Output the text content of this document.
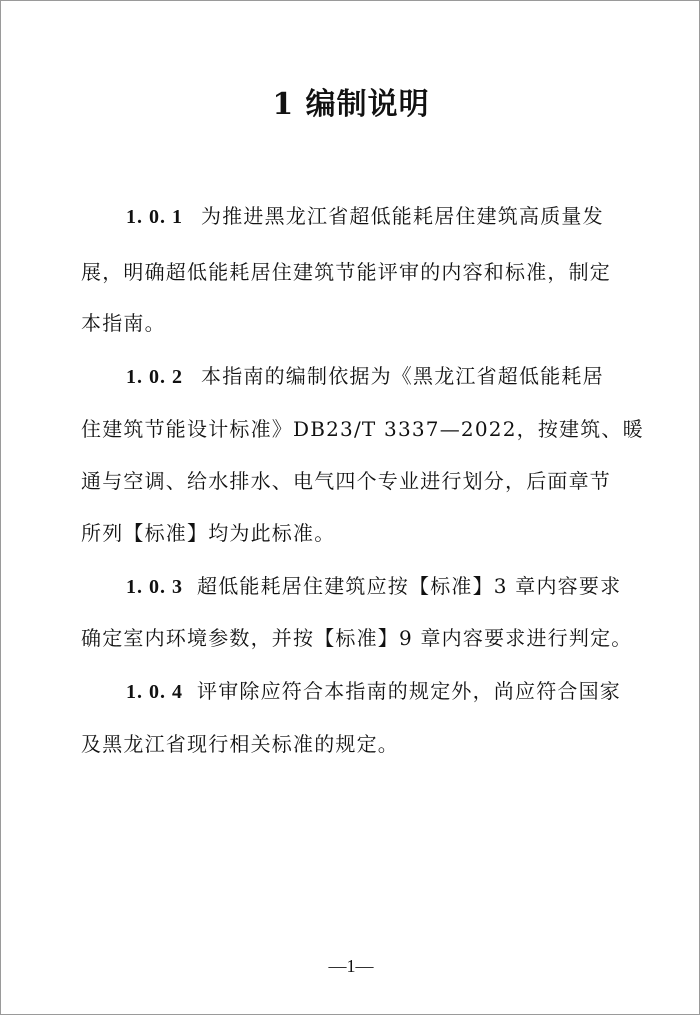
1 编制说明
1. 0. 1 为推进黑龙江省超低能耗居住建筑高质量发
展，明确超低能耗居住建筑节能评审的内容和标准，制定
本指南。
1. 0. 2 本指南的编制依据为《黑龙江省超低能耗居
住建筑节能设计标准》DB23/T 3337—2022，按建筑、暖
通与空调、给水排水、电气四个专业进行划分，后面章节
所列【标准】均为此标准。
1. 0. 3 超低能耗居住建筑应按【标准】3 章内容要求
确定室内环境参数，并按【标准】9 章内容要求进行判定。
1. 0. 4 评审除应符合本指南的规定外，尚应符合国家
及黑龙江省现行相关标准的规定。
—1—
